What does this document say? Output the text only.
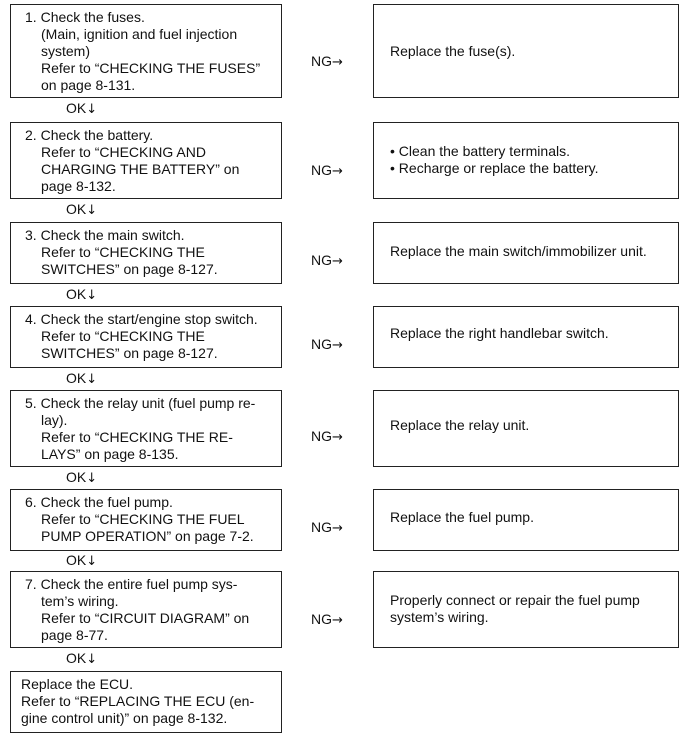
1. Check the fuses.
(Main, ignition and fuel injection
system)
Refer to “CHECKING THE FUSES”
on page 8-131.
NG→
Replace the fuse(s).
OK↓
2. Check the battery.
Refer to “CHECKING AND
CHARGING THE BATTERY” on
page 8-132.
NG→
• Clean the battery terminals.
• Recharge or replace the battery.
OK↓
3. Check the main switch.
Refer to “CHECKING THE
SWITCHES” on page 8-127.
NG→
Replace the main switch/immobilizer unit.
OK↓
4. Check the start/engine stop switch.
Refer to “CHECKING THE
SWITCHES” on page 8-127.
NG→
Replace the right handlebar switch.
OK↓
5. Check the relay unit (fuel pump re-
lay).
Refer to “CHECKING THE RE-
LAYS” on page 8-135.
NG→
Replace the relay unit.
OK↓
6. Check the fuel pump.
Refer to “CHECKING THE FUEL
PUMP OPERATION” on page 7-2.
NG→
Replace the fuel pump.
OK↓
7. Check the entire fuel pump sys-
tem’s wiring.
Refer to “CIRCUIT DIAGRAM” on
page 8-77.
NG→
Properly connect or repair the fuel pump
system’s wiring.
OK↓
Replace the ECU.
Refer to “REPLACING THE ECU (en-
gine control unit)” on page 8-132.
